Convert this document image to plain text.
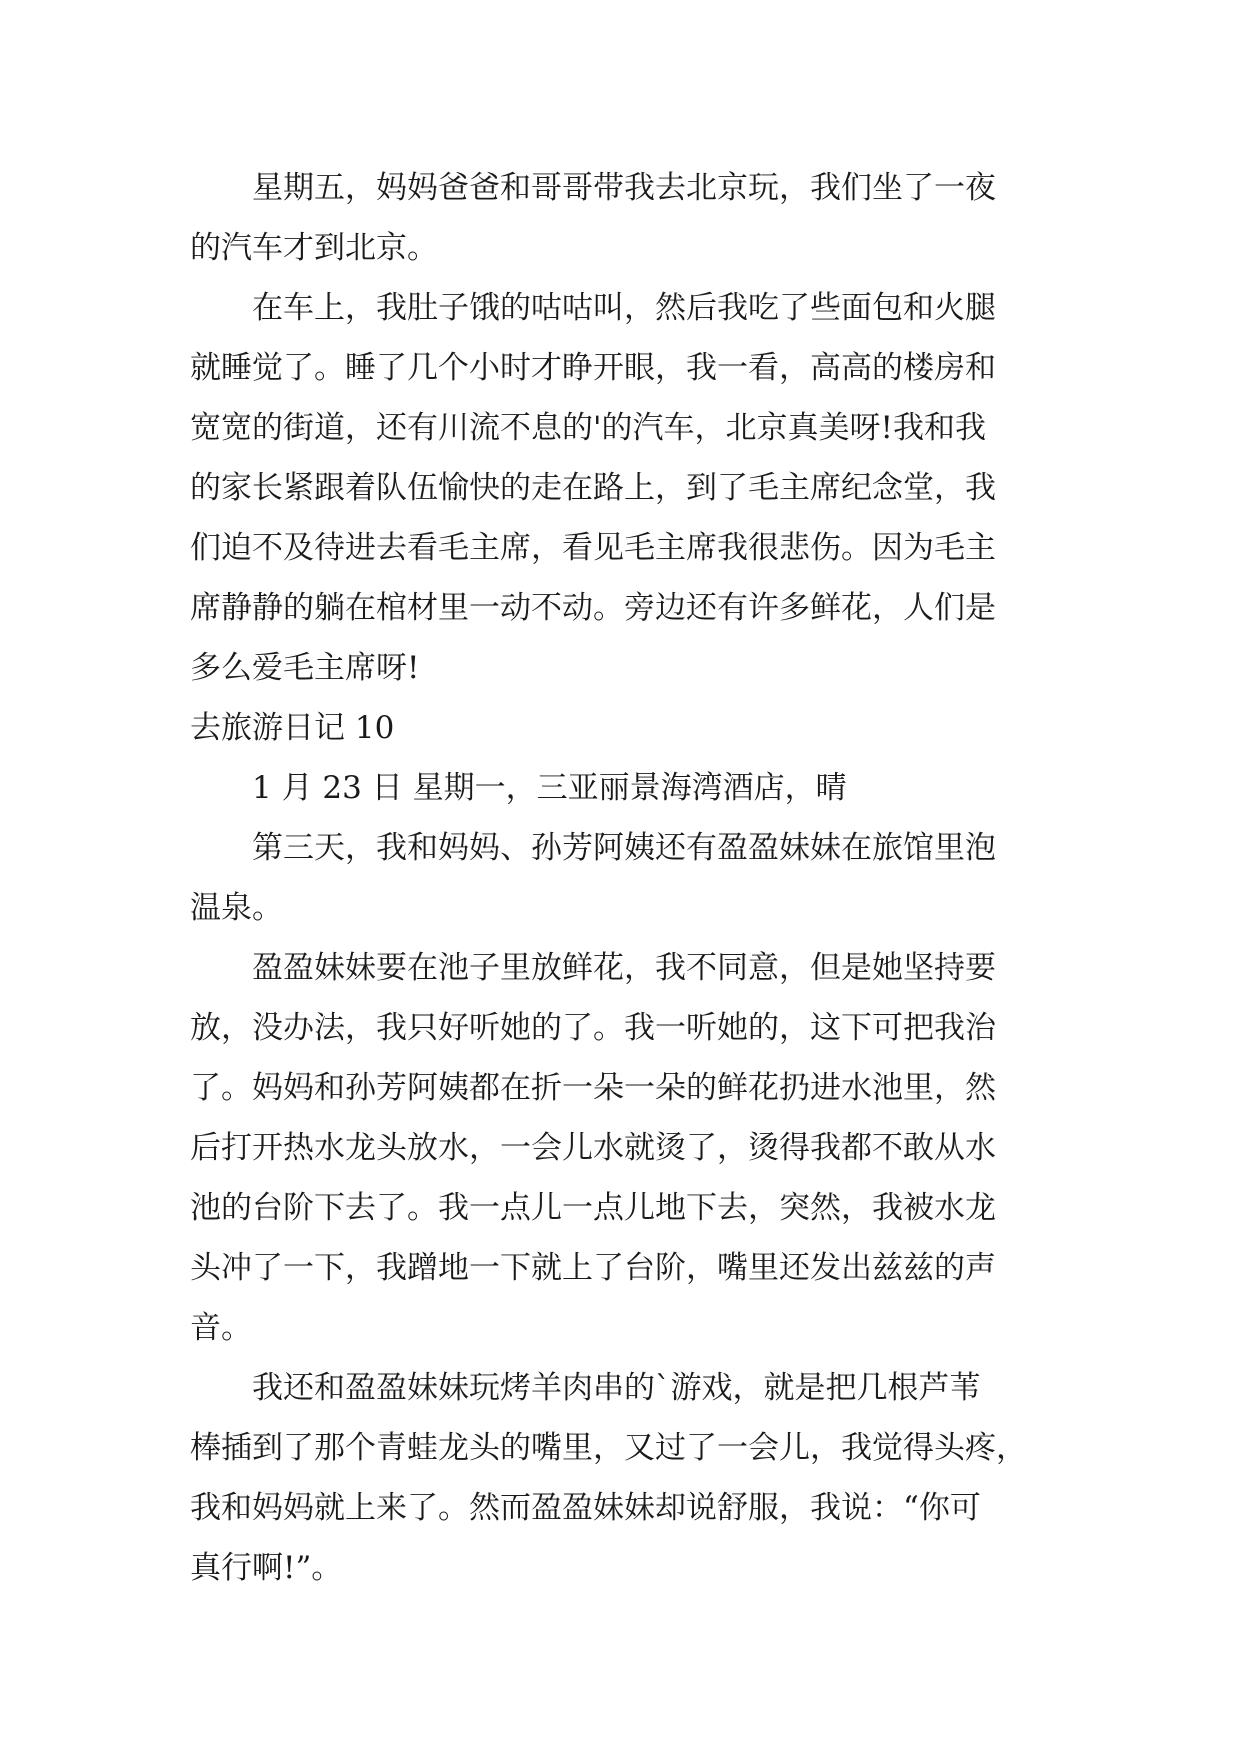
星期五，妈妈爸爸和哥哥带我去北京玩，我们坐了一夜
的汽车才到北京。

在车上，我肚子饿的咕咕叫，然后我吃了些面包和火腿
就睡觉了。睡了几个小时才睁开眼，我一看，高高的楼房和
宽宽的街道，还有川流不息的'的汽车，北京真美呀!我和我
的家长紧跟着队伍愉快的走在路上，到了毛主席纪念堂，我
们迫不及待进去看毛主席，看见毛主席我很悲伤。因为毛主
席静静的躺在棺材里一动不动。旁边还有许多鲜花，人们是
多么爱毛主席呀!

去旅游日记 10

1 月 23 日 星期一，三亚丽景海湾酒店，晴

第三天，我和妈妈、孙芳阿姨还有盈盈妹妹在旅馆里泡
温泉。

盈盈妹妹要在池子里放鲜花，我不同意，但是她坚持要
放，没办法，我只好听她的了。我一听她的，这下可把我治
了。妈妈和孙芳阿姨都在折一朵一朵的鲜花扔进水池里，然
后打开热水龙头放水，一会儿水就烫了，烫得我都不敢从水
池的台阶下去了。我一点儿一点儿地下去，突然，我被水龙
头冲了一下，我蹭地一下就上了台阶，嘴里还发出兹兹的声
音。

我还和盈盈妹妹玩烤羊肉串的`游戏，就是把几根芦苇
棒插到了那个青蛙龙头的嘴里，又过了一会儿，我觉得头疼，
我和妈妈就上来了。然而盈盈妹妹却说舒服，我说：“你可
真行啊!”。
